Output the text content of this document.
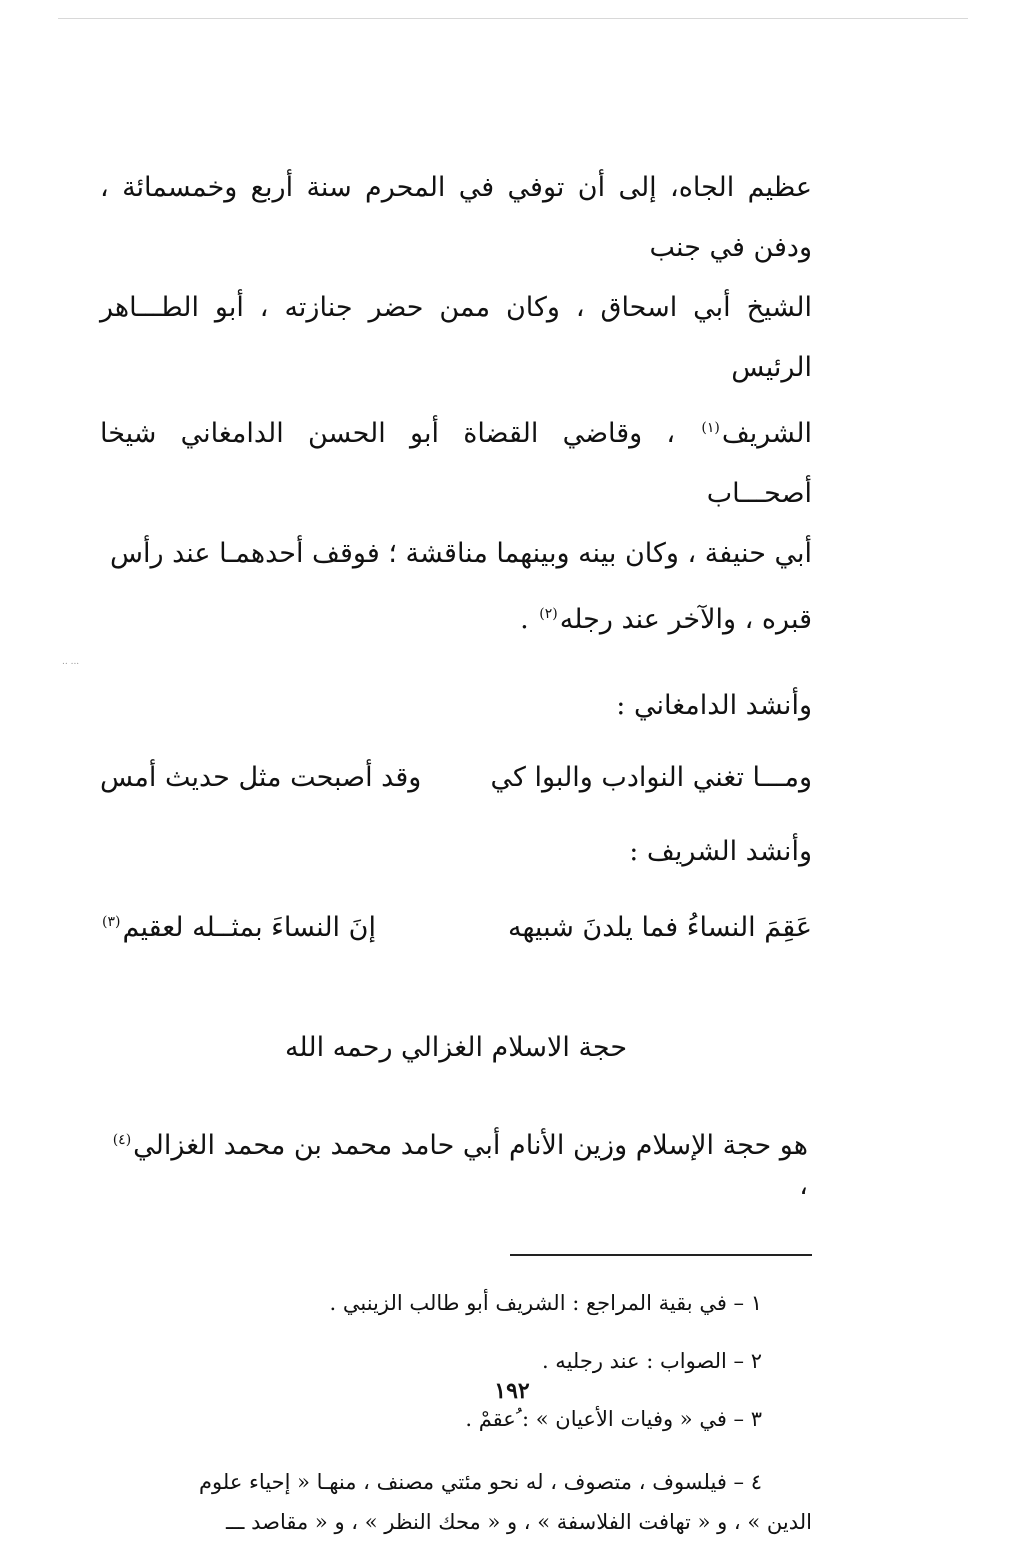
.. ...

عظيم الجاه، إلى أن توفي في المحرم سنة أربع وخمسمائة ، ودفن في جنب

الشيخ أبي اسحاق ، وكان ممن حضر جنازته ، أبو الطـــاهر الرئيس

الشريف$^{(١)}$ ، وقاضي القضاة أبو الحسن الدامغاني شيخا أصحـــاب

أبي حنيفة ، وكان بينه وبينهما مناقشة ؛ فوقف أحدهمـا عند رأس

قبره ، والآخر عند رجله$^{(٢)}$ .

وأنشد الدامغاني :

ومـــا تغني النوادب والبوا كي
وقد أصبحت مثل حديث أمس

وأنشد الشريف :

عَقِمَ النساءُ فما يلدنَ شبيهه
إنَ النساءَ بمثــله لعقيم$^{(٣)}$

حجة الاسلام الغزالي رحمه الله

هو حجة الإسلام وزين الأنام أبي حامد محمد بن محمد الغزالي$^{(٤)}$ ،

١ – في بقية المراجع : الشريف أبو طالب الزينبي .

٢ – الصواب : عند رجليه .

٣ – في « وفيات الأعيان » : ُعقمْ .

٤ – فيلسوف ، متصوف ، له نحو مئتي مصنف ، منهـا « إحياء علوم

الدين » ، و « تهافت الفلاسفة » ، و « محك النظر » ، و « مقاصد ـــ

١٩٢
